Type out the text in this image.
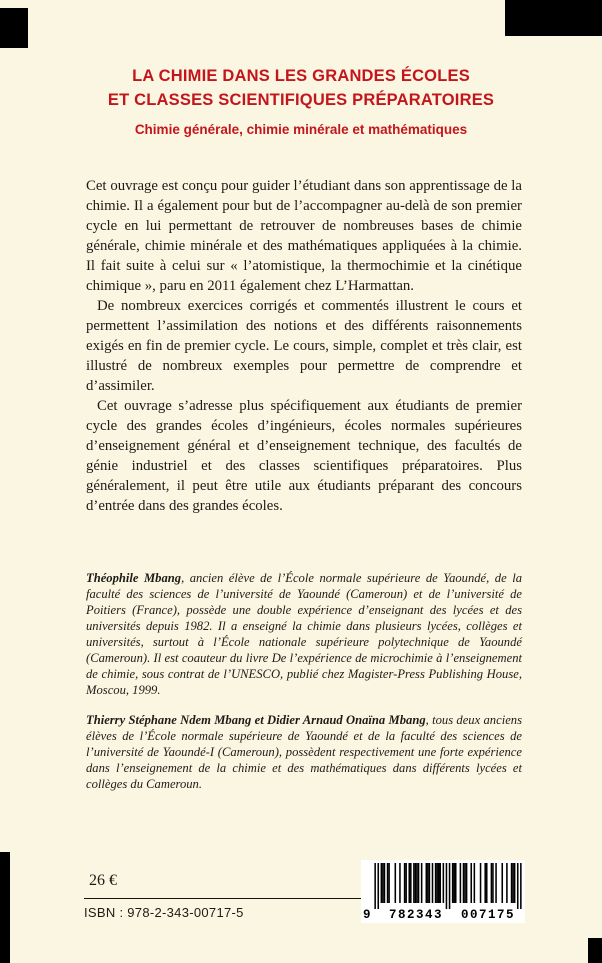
LA CHIMIE DANS LES GRANDES ÉCOLES
ET CLASSES SCIENTIFIQUES PRÉPARATOIRES
Chimie générale, chimie minérale et mathématiques

Cet ouvrage est conçu pour guider l’étudiant dans son apprentissage de la chimie. Il a également pour but de l’accompagner au-delà de son premier cycle en lui permettant de retrouver de nombreuses bases de chimie générale, chimie minérale et des mathématiques appliquées à la chimie. Il fait suite à celui sur « l’atomistique, la thermochimie et la cinétique chimique », paru en 2011 également chez L’Harmattan.

De nombreux exercices corrigés et commentés illustrent le cours et permettent l’assimilation des notions et des différents raisonnements exigés en fin de premier cycle. Le cours, simple, complet et très clair, est illustré de nombreux exemples pour permettre de comprendre et d’assimiler.

Cet ouvrage s’adresse plus spécifiquement aux étudiants de premier cycle des grandes écoles d’ingénieurs, écoles normales supérieures d’enseignement général et d’enseignement technique, des facultés de génie industriel et des classes scientifiques préparatoires. Plus généralement, il peut être utile aux étudiants préparant des concours d’entrée dans des grandes écoles.

Théophile Mbang, ancien élève de l’École normale supérieure de Yaoundé, de la faculté des sciences de l’université de Yaoundé (Cameroun) et de l’université de Poitiers (France), possède une double expérience d’enseignant des lycées et des universités depuis 1982. Il a enseigné la chimie dans plusieurs lycées, collèges et universités, surtout à l’École nationale supérieure polytechnique de Yaoundé (Cameroun). Il est coauteur du livre De l’expérience de microchimie à l’enseignement de chimie, sous contrat de l’UNESCO, publié chez Magister-Press Publishing House, Moscou, 1999.

Thierry Stéphane Ndem Mbang et Didier Arnaud Onaïna Mbang, tous deux anciens élèves de l’École normale supérieure de Yaoundé et de la faculté des sciences de l’université de Yaoundé-I (Cameroun), possèdent respectivement une forte expérience dans l’enseignement de la chimie et des mathématiques dans différents lycées et collèges du Cameroun.

26 €
ISBN : 978-2-343-00717-5	9	782343	007175
